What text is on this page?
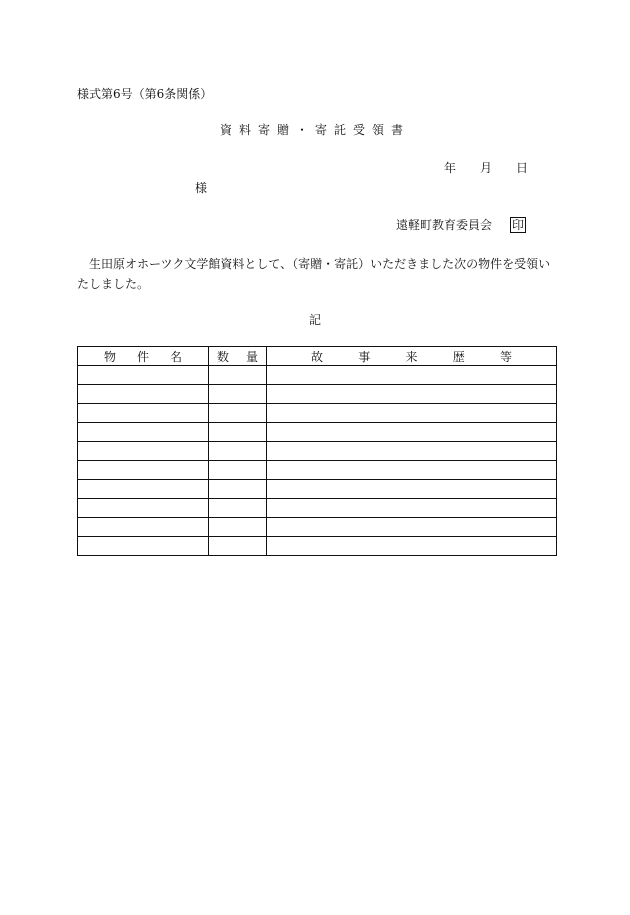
様式第6号（第6条関係）
資料寄贈・寄託受領書
年 月 日
様
遠軽町教育委員会 印
生田原オホーツク文学館資料として、（寄贈・寄託）いただきました次の物件を受領いたしました。
記
物件名	数量	故事来歴等
